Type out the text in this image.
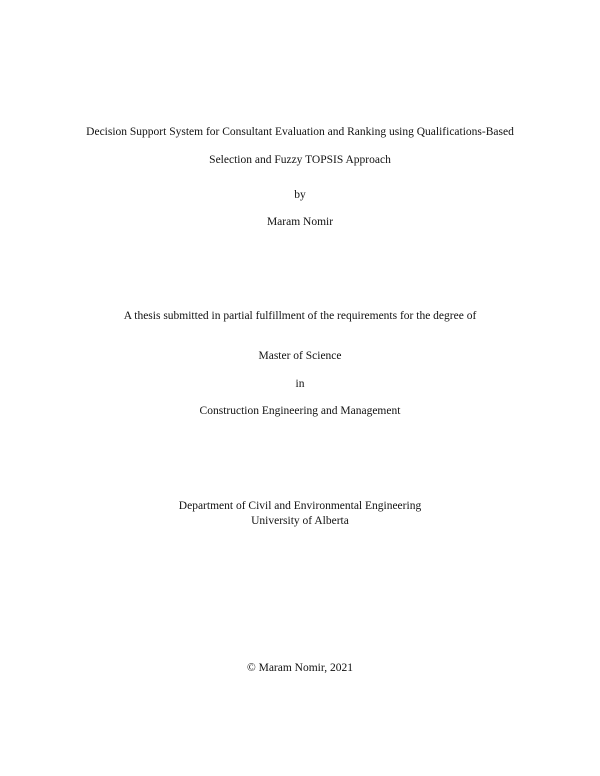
Decision Support System for Consultant Evaluation and Ranking using Qualifications-Based
Selection and Fuzzy TOPSIS Approach
by
Maram Nomir
A thesis submitted in partial fulfillment of the requirements for the degree of
Master of Science
in
Construction Engineering and Management
Department of Civil and Environmental Engineering
University of Alberta
© Maram Nomir, 2021
